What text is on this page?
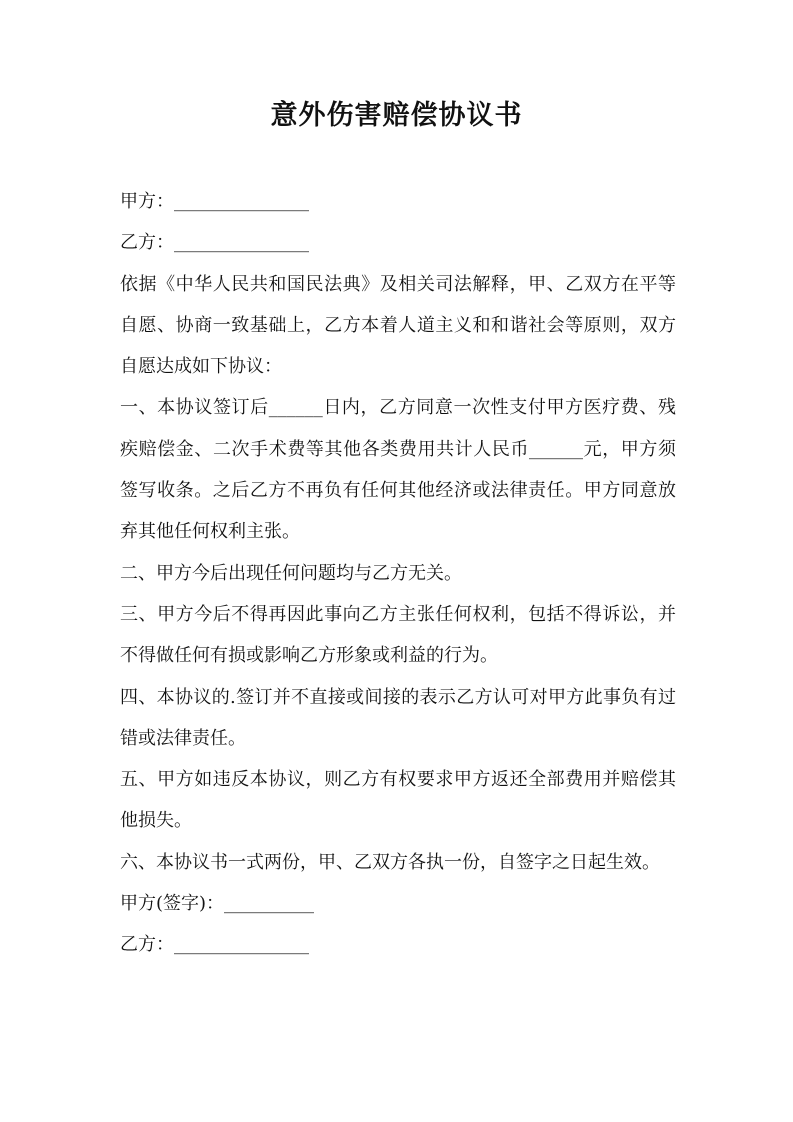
意外伤害赔偿协议书

甲方：_______________

乙方：_______________

依据《中华人民共和国民法典》及相关司法解释，甲、乙双方在平等自愿、协商一致基础上，乙方本着人道主义和和谐社会等原则，双方自愿达成如下协议：

一、本协议签订后______日内，乙方同意一次性支付甲方医疗费、残疾赔偿金、二次手术费等其他各类费用共计人民币______元，甲方须签写收条。之后乙方不再负有任何其他经济或法律责任。甲方同意放弃其他任何权利主张。

二、甲方今后出现任何问题均与乙方无关。

三、甲方今后不得再因此事向乙方主张任何权利，包括不得诉讼，并不得做任何有损或影响乙方形象或利益的行为。

四、本协议的.签订并不直接或间接的表示乙方认可对甲方此事负有过错或法律责任。

五、甲方如违反本协议，则乙方有权要求甲方返还全部费用并赔偿其他损失。

六、本协议书一式两份，甲、乙双方各执一份，自签字之日起生效。

甲方(签字)：__________

乙方：_______________
